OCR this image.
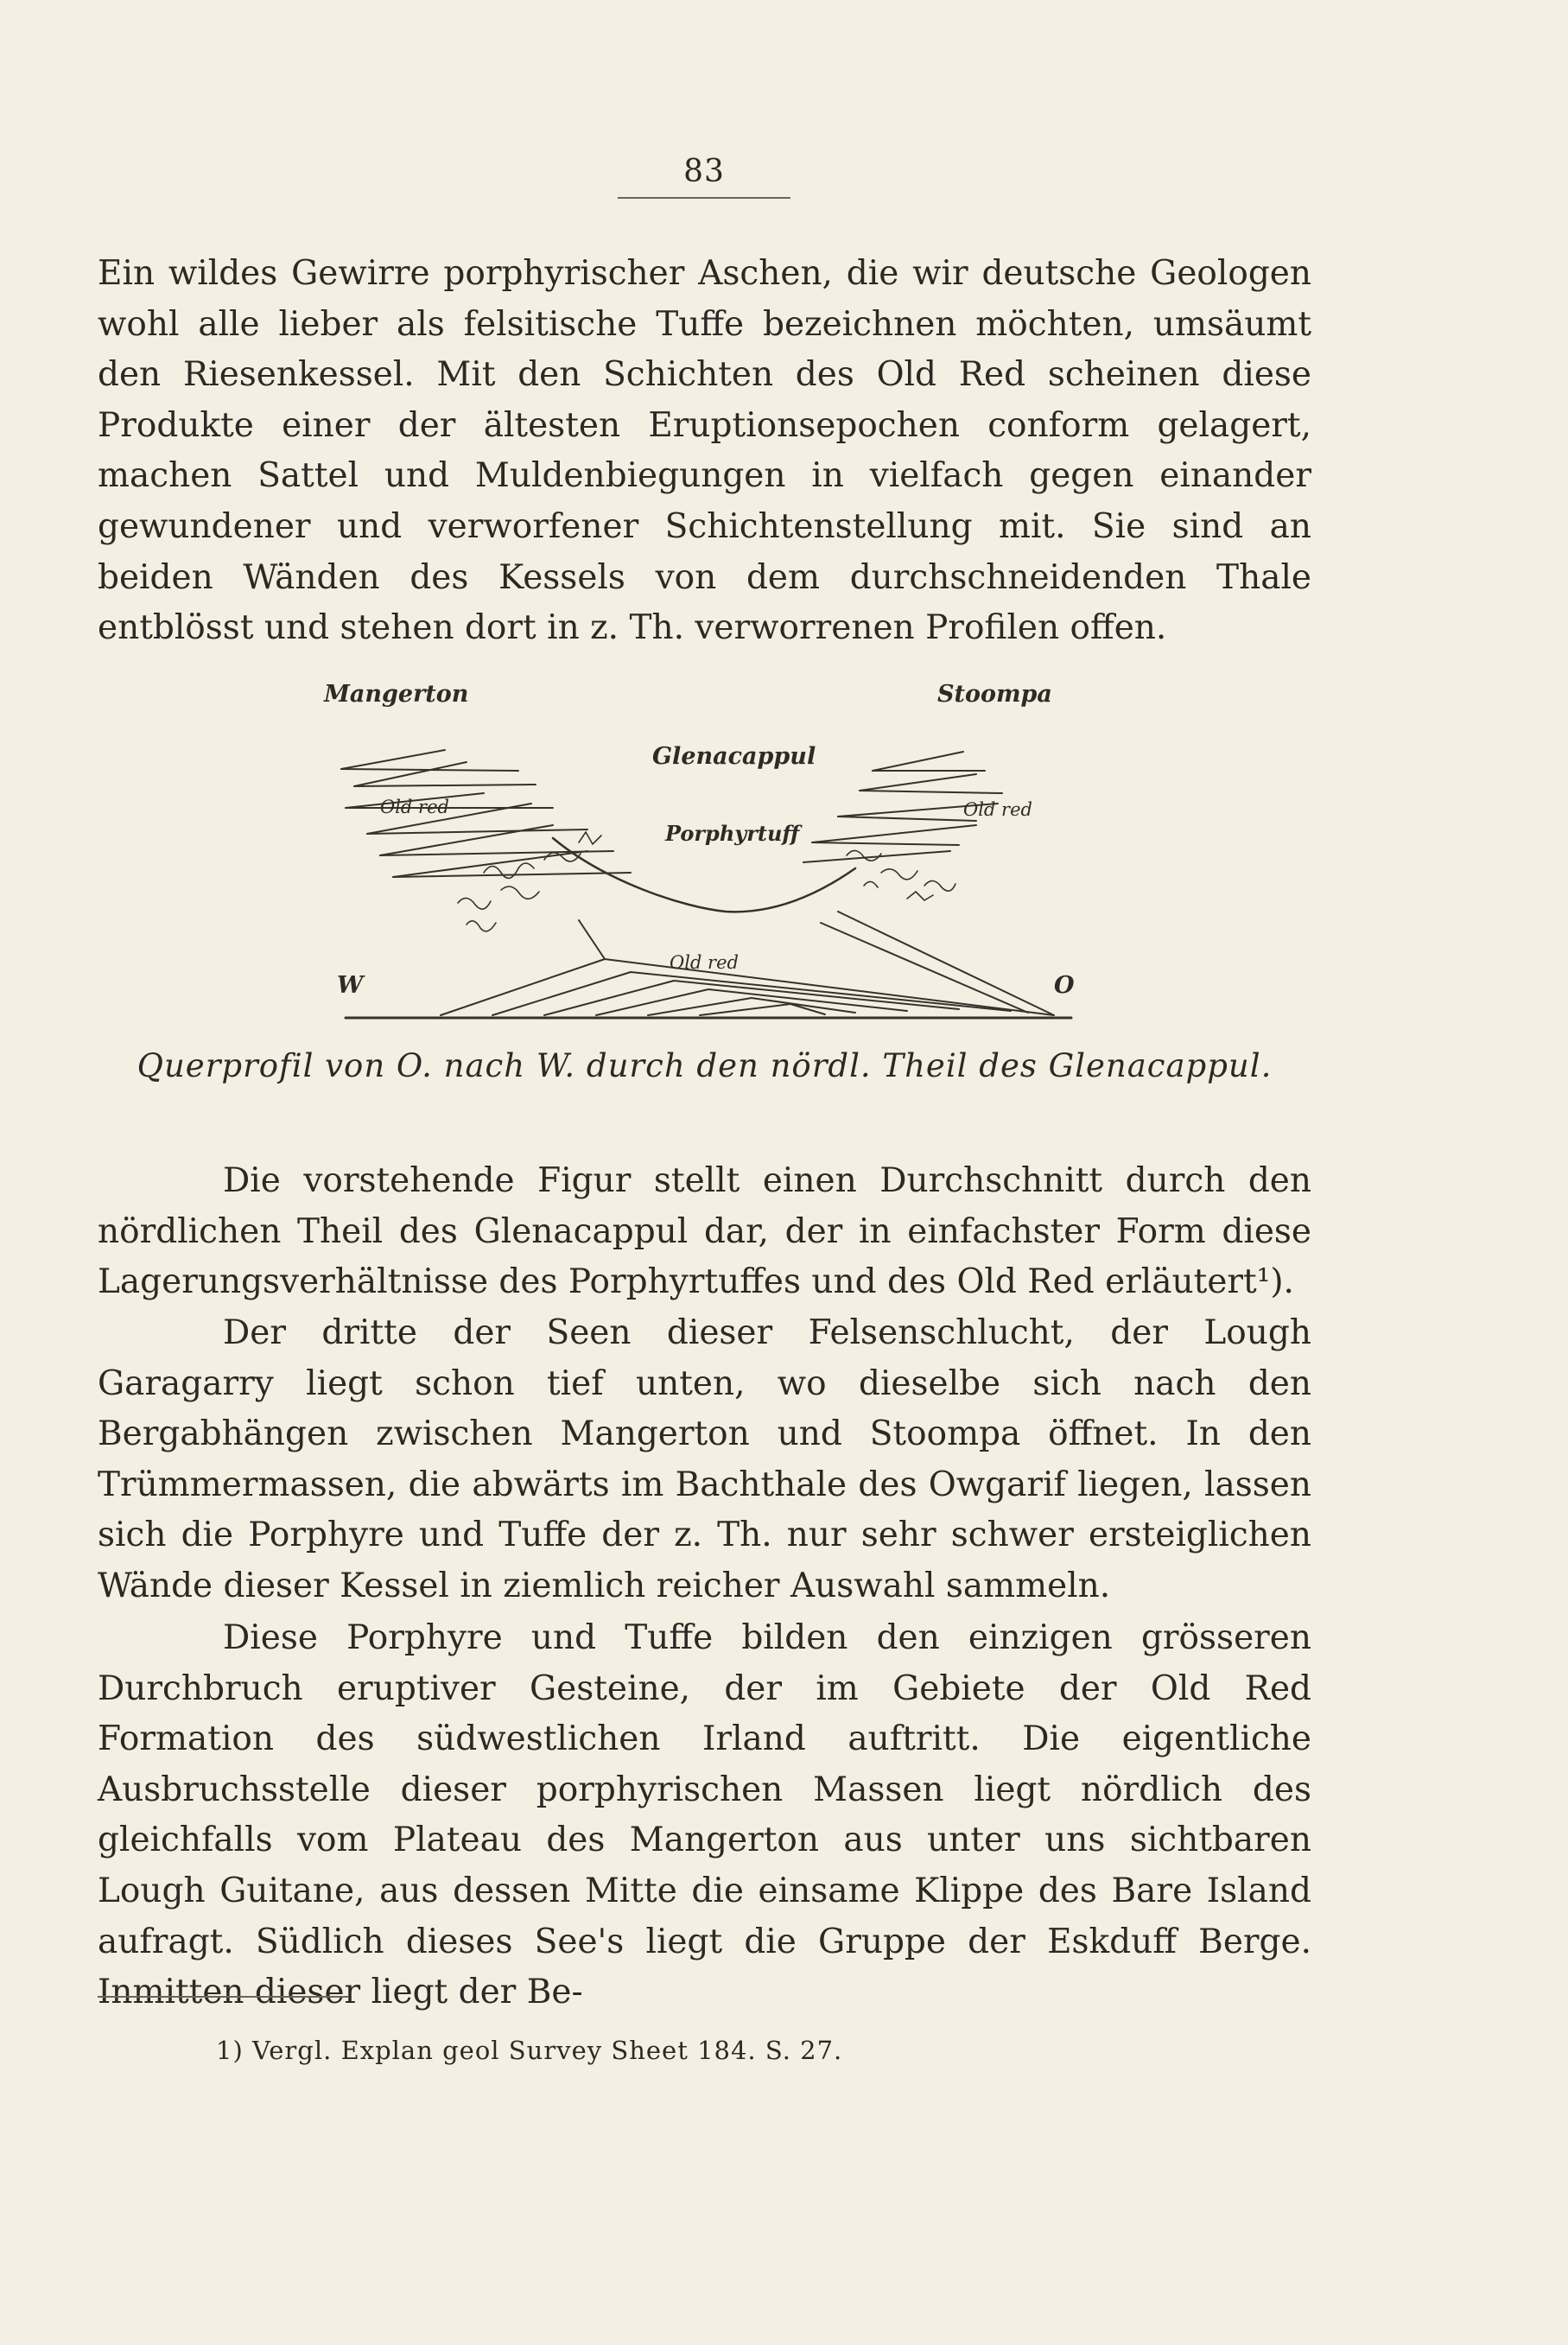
83

Ein wildes Gewirre porphyrischer Aschen, die wir deutsche Geologen wohl alle lieber als felsitische Tuffe bezeichnen möchten, umsäumt den Riesenkessel. Mit den Schichten des Old Red scheinen diese Produkte einer der ältesten Eruptionsepochen conform gelagert, machen Sattel und Muldenbiegungen in vielfach gegen einander gewundener und verworfener Schichtenstellung mit. Sie sind an beiden Wänden des Kessels von dem durchschneidenden Thale entblösst und stehen dort in z. Th. verworrenen Profilen offen.

Mangerton	Stoompa
Glenacappul
Porphyrtuff
Old red	Old red
Old red
W	O
Querprofil von O. nach W. durch den nördl. Theil des Glenacappul.

Die vorstehende Figur stellt einen Durchschnitt durch den nördlichen Theil des Glenacappul dar, der in einfachster Form diese Lagerungsverhältnisse des Porphyrtuffes und des Old Red erläutert¹).

Der dritte der Seen dieser Felsenschlucht, der Lough Garagarry liegt schon tief unten, wo dieselbe sich nach den Bergabhängen zwischen Mangerton und Stoompa öffnet. In den Trümmermassen, die abwärts im Bachthale des Owgarif liegen, lassen sich die Porphyre und Tuffe der z. Th. nur sehr schwer ersteiglichen Wände dieser Kessel in ziemlich reicher Auswahl sammeln.

Diese Porphyre und Tuffe bilden den einzigen grösseren Durchbruch eruptiver Gesteine, der im Gebiete der Old Red Formation des südwestlichen Irland auftritt. Die eigentliche Ausbruchsstelle dieser porphyrischen Massen liegt nördlich des gleichfalls vom Plateau des Mangerton aus unter uns sichtbaren Lough Guitane, aus dessen Mitte die einsame Klippe des Bare Island aufragt. Südlich dieses See's liegt die Gruppe der Eskduff Berge. Inmitten dieser liegt der Be-

1) Vergl. Explan geol Survey Sheet 184. S. 27.
